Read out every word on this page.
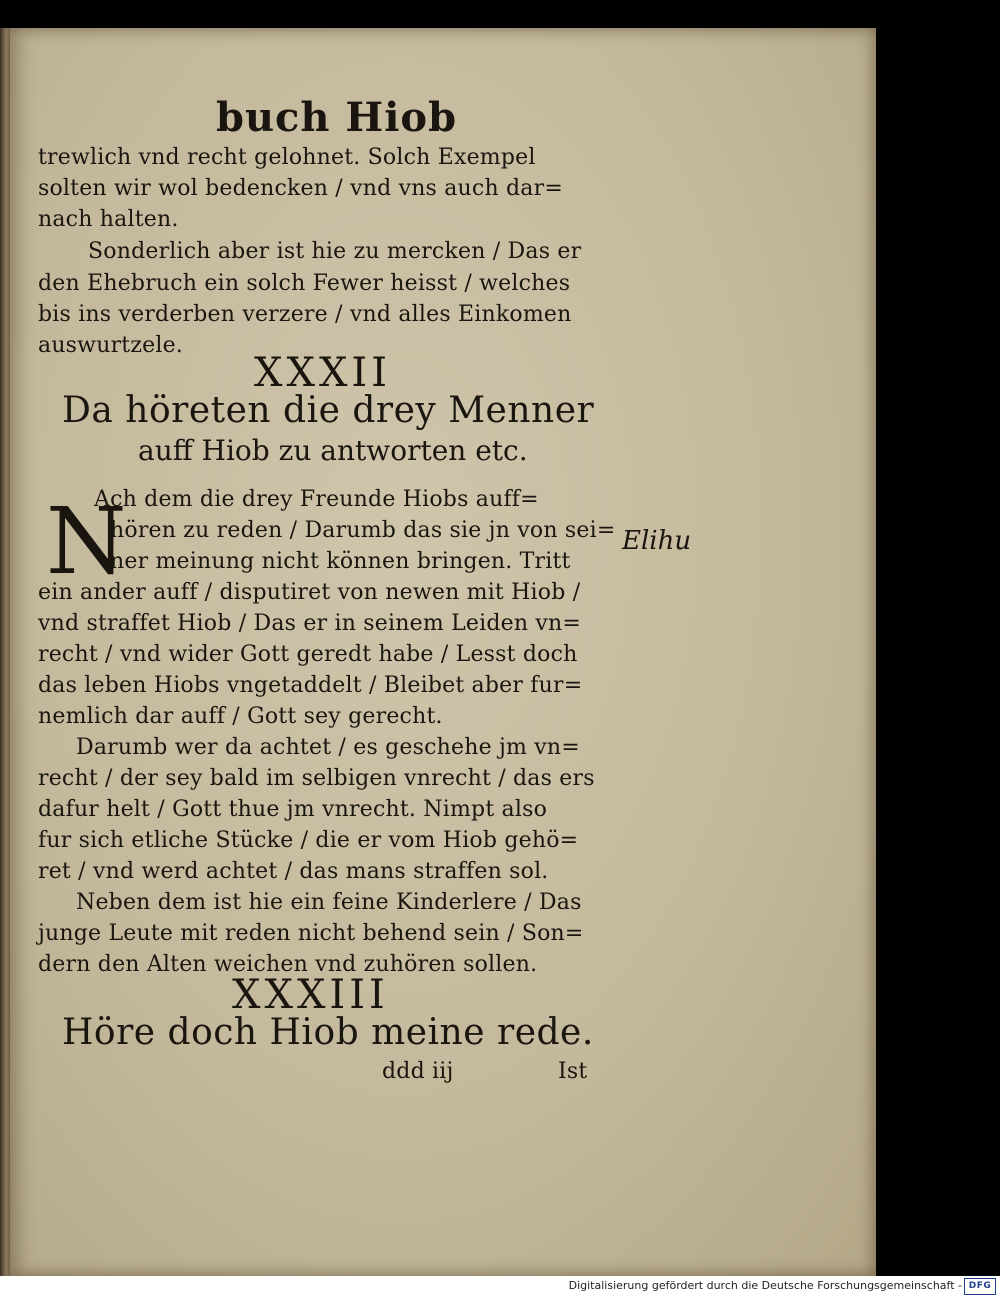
buch Hiob
trewlich vnd recht gelohnet. Solch Exempel
solten wir wol bedencken / vnd vns auch dar=
nach halten.
Sonderlich aber ist hie zu mercken / Das er
den Ehebruch ein solch Fewer heisst / welches
bis ins verderben verzere / vnd alles Einkomen
auswurtzele.
XXXII
Da höreten die drey Menner
auff Hiob zu antworten etc.
N
Ach dem die drey Freunde Hiobs auff=
hören zu reden / Darumb das sie jn von sei=
ner meinung nicht können bringen. Tritt
ein ander auff / disputiret von newen mit Hiob /
vnd straffet Hiob / Das er in seinem Leiden vn=
recht / vnd wider Gott geredt habe / Lesst doch
das leben Hiobs vngetaddelt / Bleibet aber fur=
nemlich dar auff / Gott sey gerecht.
Elihu
Darumb wer da achtet / es geschehe jm vn=
recht / der sey bald im selbigen vnrecht / das ers
dafur helt / Gott thue jm vnrecht. Nimpt also
fur sich etliche Stücke / die er vom Hiob gehö=
ret / vnd werd achtet / das mans straffen sol.
Neben dem ist hie ein feine Kinderlere / Das
junge Leute mit reden nicht behend sein / Son=
dern den Alten weichen vnd zuhören sollen.
XXXIII
Höre doch Hiob meine rede.
ddd iij	Ist
Digitalisierung gefördert durch die Deutsche Forschungsgemeinschaft - DFG
